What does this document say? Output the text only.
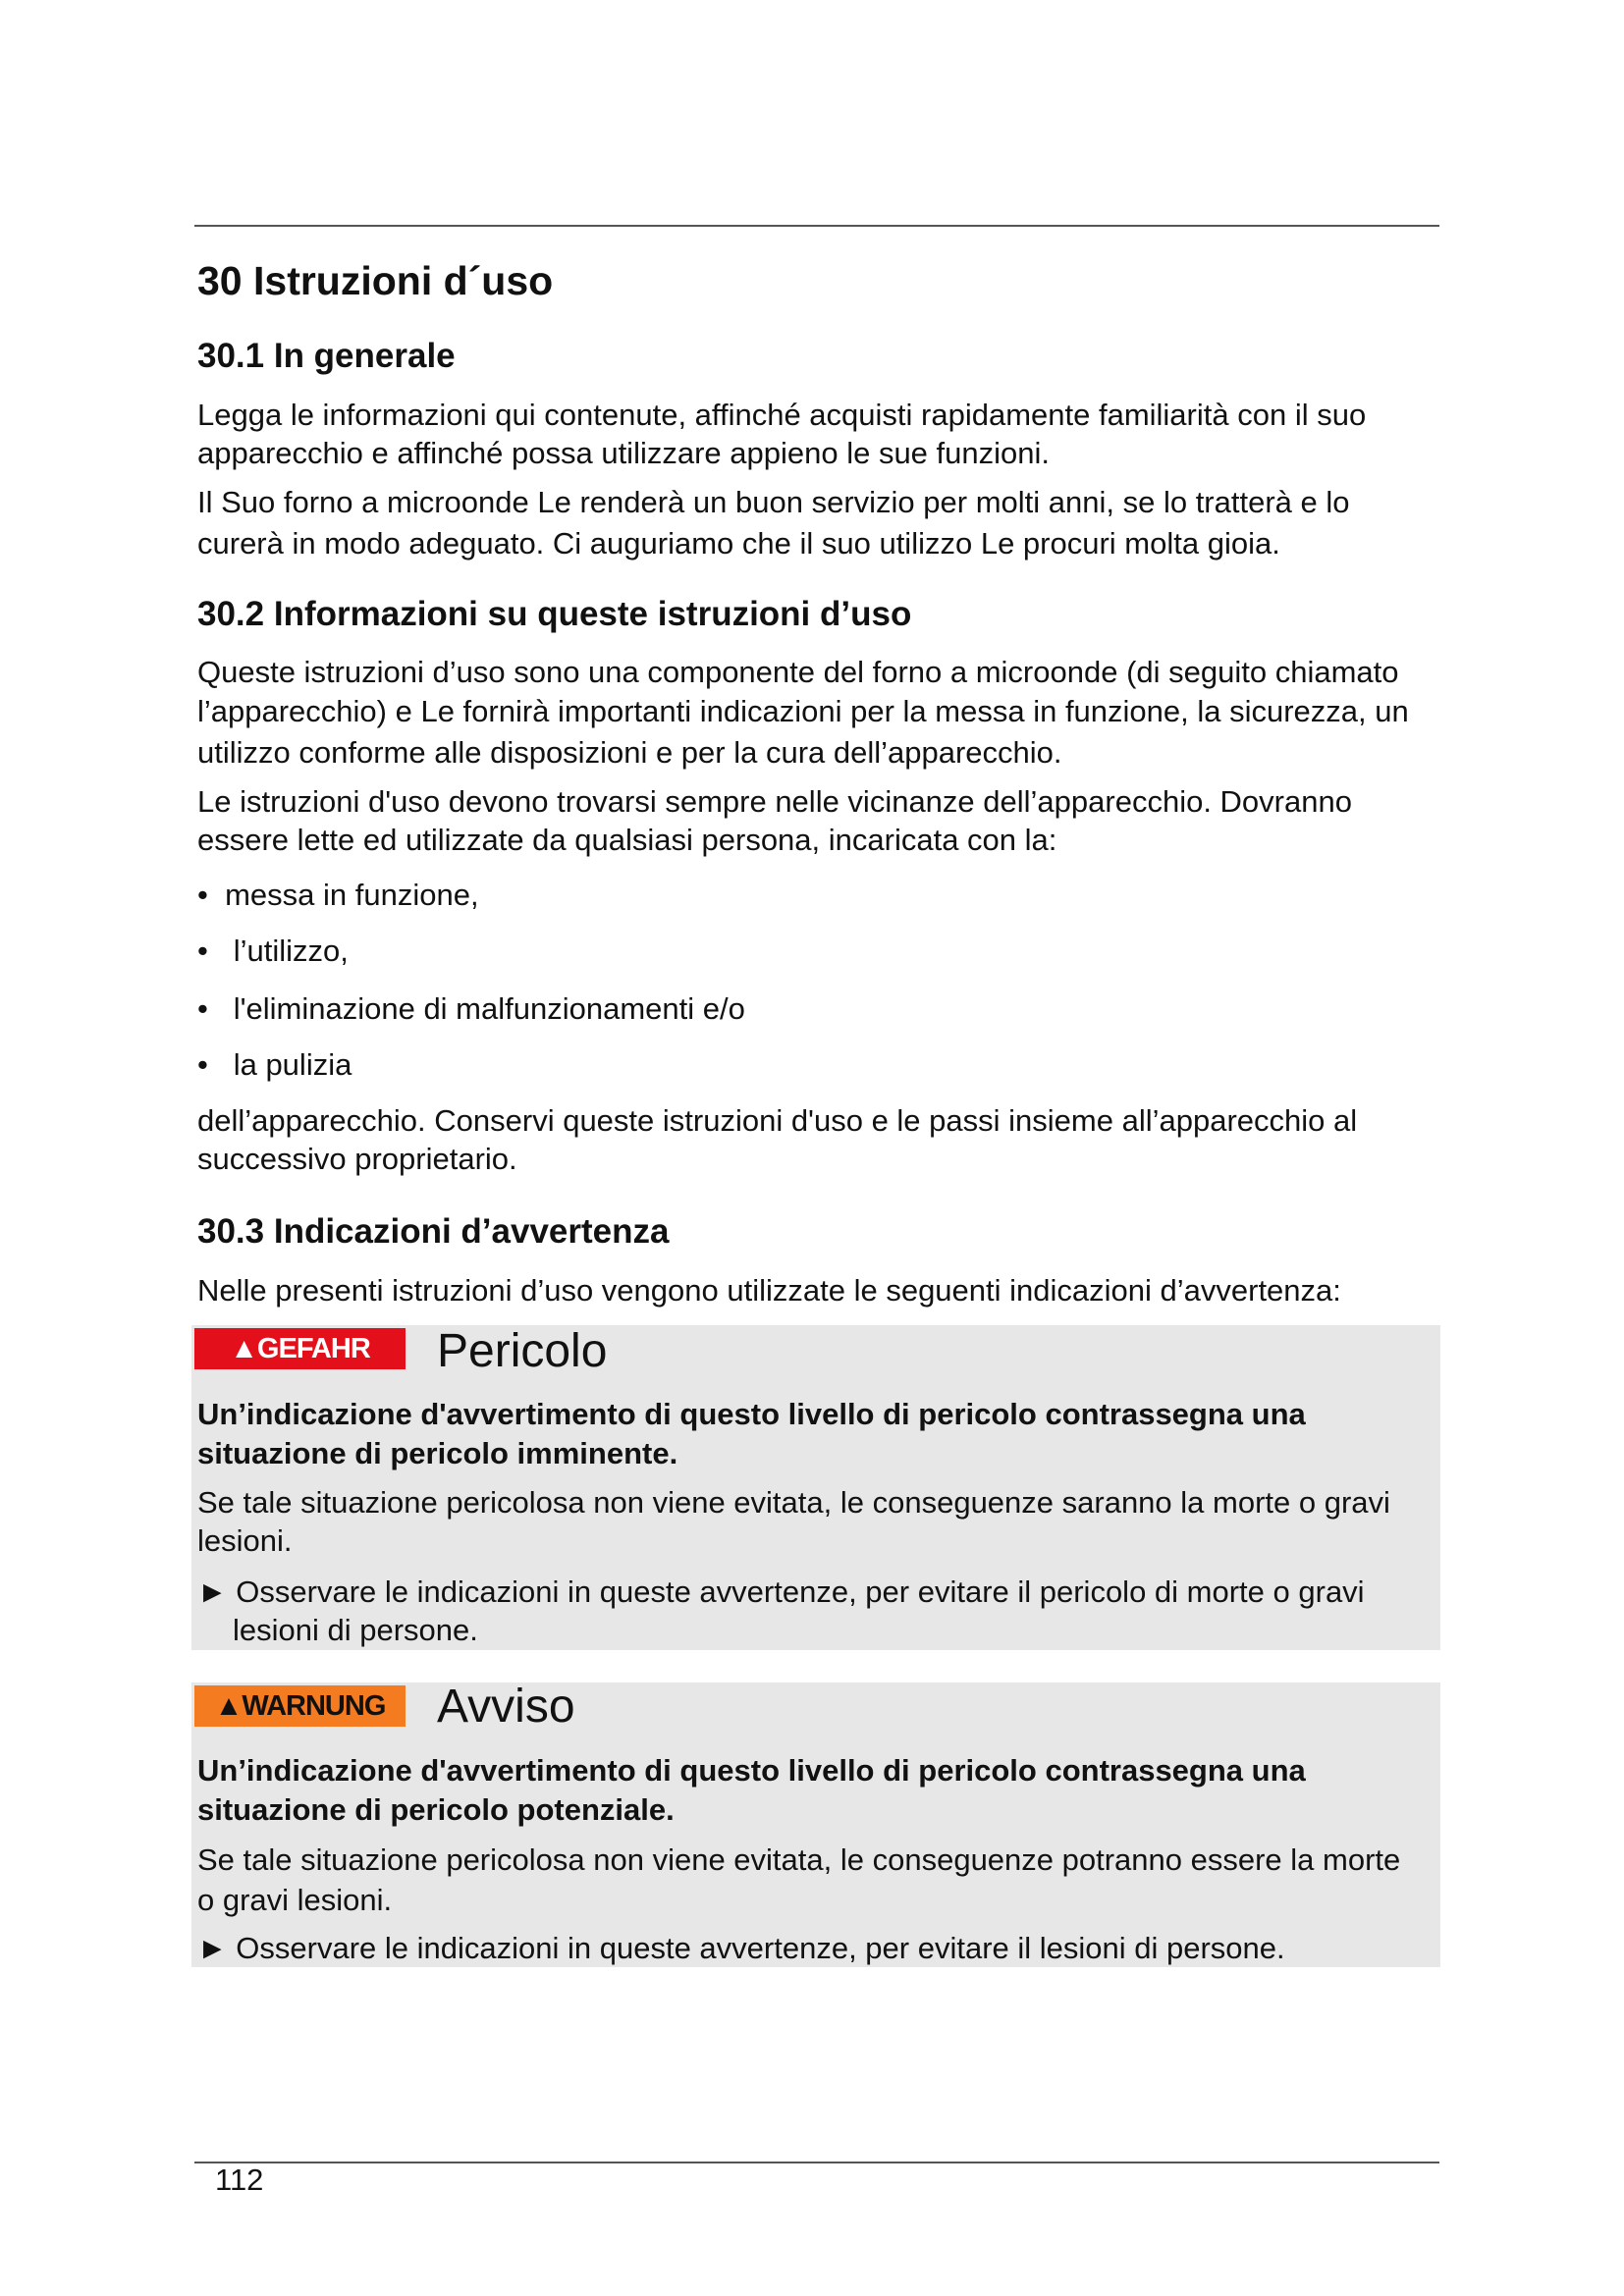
30 Istruzioni d´uso
30.1 In generale
Legga le informazioni qui contenute, affinché acquisti rapidamente familiarità con il suo
apparecchio e affinché possa utilizzare appieno le sue funzioni.
Il Suo forno a microonde Le renderà un buon servizio per molti anni, se lo tratterà e lo
curerà in modo adeguato. Ci auguriamo che il suo utilizzo Le procuri molta gioia.
30.2 Informazioni su queste istruzioni d’uso
Queste istruzioni d’uso sono una componente del forno a microonde (di seguito chiamato
l’apparecchio) e Le fornirà importanti indicazioni per la messa in funzione, la sicurezza, un
utilizzo conforme alle disposizioni e per la cura dell’apparecchio.
Le istruzioni d'uso devono trovarsi sempre nelle vicinanze dell’apparecchio. Dovranno
essere lette ed utilizzate da qualsiasi persona, incaricata con la:
•  messa in funzione,
•   l’utilizzo,
•   l'eliminazione di malfunzionamenti e/o
•   la pulizia
dell’apparecchio. Conservi queste istruzioni d'uso e le passi insieme all’apparecchio al
successivo proprietario.
30.3 Indicazioni d’avvertenza
Nelle presenti istruzioni d’uso vengono utilizzate le seguenti indicazioni d’avvertenza:
▲ GEFAHR Pericolo
Un’indicazione d'avvertimento di questo livello di pericolo contrassegna una
situazione di pericolo imminente.
Se tale situazione pericolosa non viene evitata, le conseguenze saranno la morte o gravi
lesioni.
► Osservare le indicazioni in queste avvertenze, per evitare il pericolo di morte o gravi
lesioni di persone.
▲ WARNUNG Avviso
Un’indicazione d'avvertimento di questo livello di pericolo contrassegna una
situazione di pericolo potenziale.
Se tale situazione pericolosa non viene evitata, le conseguenze potranno essere la morte
o gravi lesioni.
► Osservare le indicazioni in queste avvertenze, per evitare il lesioni di persone.
112
